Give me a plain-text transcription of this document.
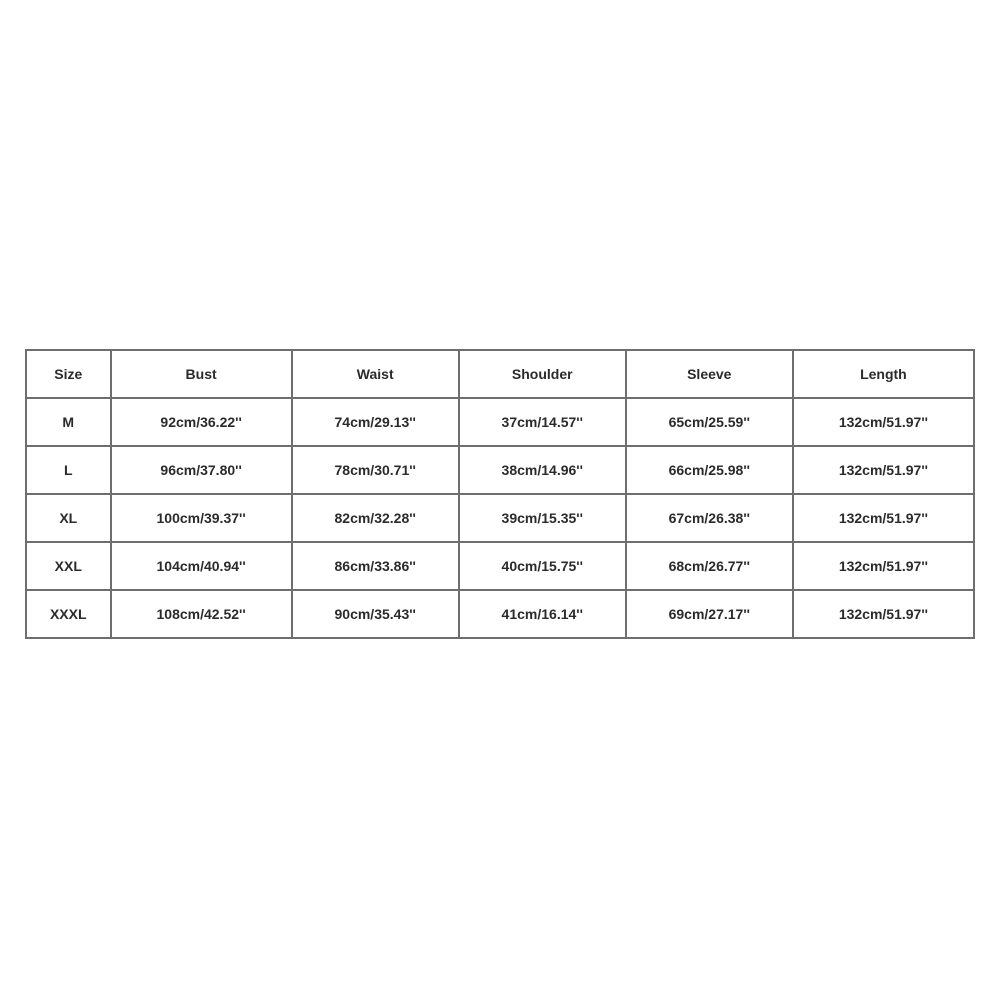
Size	Bust	Waist	Shoulder	Sleeve	Length
M	92cm/36.22''	74cm/29.13''	37cm/14.57''	65cm/25.59''	132cm/51.97''
L	96cm/37.80''	78cm/30.71''	38cm/14.96''	66cm/25.98''	132cm/51.97''
XL	100cm/39.37''	82cm/32.28''	39cm/15.35''	67cm/26.38''	132cm/51.97''
XXL	104cm/40.94''	86cm/33.86''	40cm/15.75''	68cm/26.77''	132cm/51.97''
XXXL	108cm/42.52''	90cm/35.43''	41cm/16.14''	69cm/27.17''	132cm/51.97''
